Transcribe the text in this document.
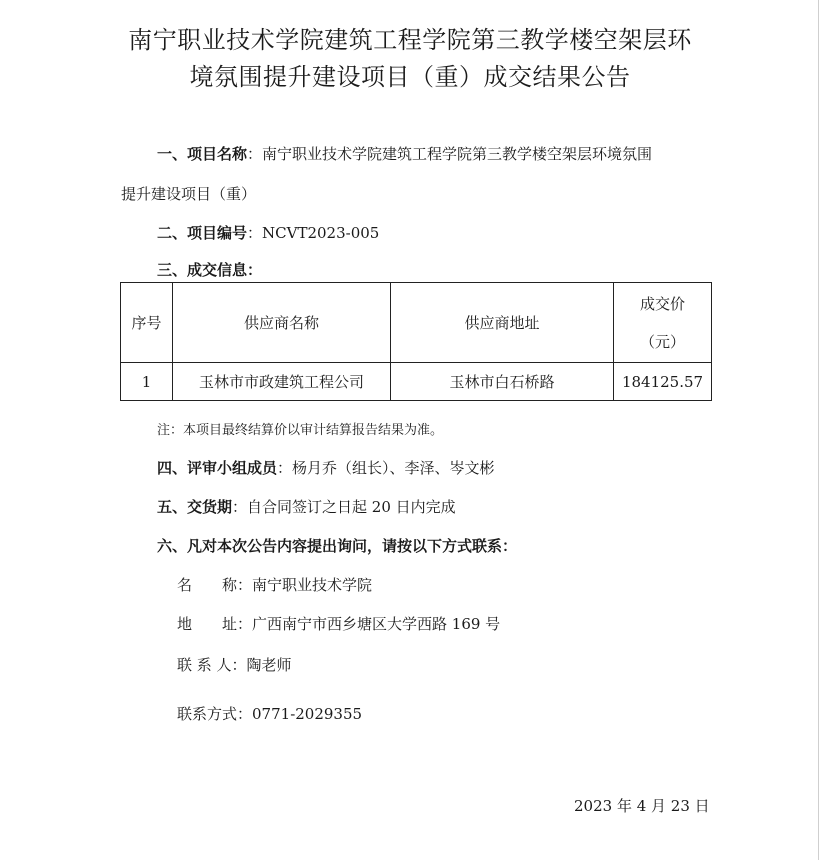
南宁职业技术学院建筑工程学院第三教学楼空架层环
境氛围提升建设项目（重）成交结果公告
一、项目名称：南宁职业技术学院建筑工程学院第三教学楼空架层环境氛围
提升建设项目（重）
二、项目编号：NCVT2023-005
三、成交信息：
序号	供应商名称	供应商地址	成交价
（元）

1	玉林市市政建筑工程公司	玉林市白石桥路	184125.57
注：本项目最终结算价以审计结算报告结果为准。
四、评审小组成员：杨月乔（组长）、李泽、岑文彬
五、交货期：自合同签订之日起 20 日内完成
六、凡对本次公告内容提出询问，请按以下方式联系：
名　　称：南宁职业技术学院
地　　址：广西南宁市西乡塘区大学西路 169 号
联 系 人：陶老师
联系方式：0771-2029355
2023 年 4 月 23 日
